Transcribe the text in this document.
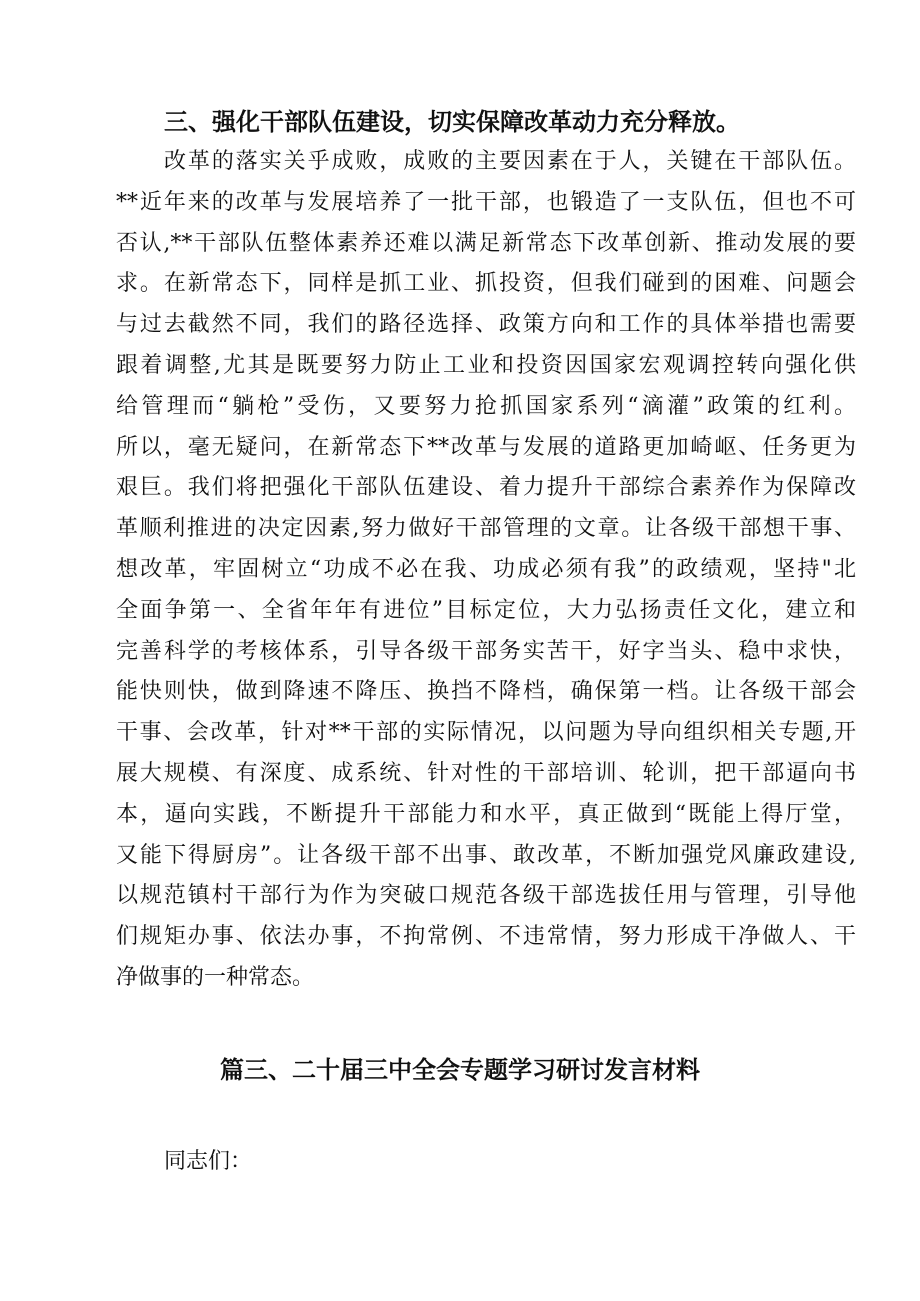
三、强化干部队伍建设，切实保障改革动力充分释放。
改革的落实关乎成败，成败的主要因素在于人，关键在干部队伍。
**近年来的改革与发展培养了一批干部，也锻造了一支队伍，但也不可
否认,**干部队伍整体素养还难以满足新常态下改革创新、推动发展的要
求。在新常态下，同样是抓工业、抓投资，但我们碰到的困难、问题会
与过去截然不同，我们的路径选择、政策方向和工作的具体举措也需要
跟着调整,尤其是既要努力防止工业和投资因国家宏观调控转向强化供
给管理而“躺枪”受伤，又要努力抢抓国家系列“滴灌”政策的红利。
所以，毫无疑问，在新常态下**改革与发展的道路更加崎岖、任务更为
艰巨。我们将把强化干部队伍建设、着力提升干部综合素养作为保障改
革顺利推进的决定因素,努力做好干部管理的文章。让各级干部想干事、
想改革，牢固树立“功成不必在我、功成必须有我”的政绩观，坚持"北
全面争第一、全省年年有进位”目标定位，大力弘扬责任文化，建立和
完善科学的考核体系，引导各级干部务实苦干，好字当头、稳中求快，
能快则快，做到降速不降压、换挡不降档，确保第一档。让各级干部会
干事、会改革，针对**干部的实际情况，以问题为导向组织相关专题,开
展大规模、有深度、成系统、针对性的干部培训、轮训，把干部逼向书
本，逼向实践，不断提升干部能力和水平，真正做到“既能上得厅堂，
又能下得厨房”。让各级干部不出事、敢改革，不断加强党风廉政建设,
以规范镇村干部行为作为突破口规范各级干部选拔任用与管理，引导他
们规矩办事、依法办事，不拘常例、不违常情，努力形成干净做人、干
净做事的一种常态。
篇三、二十届三中全会专题学习研讨发言材料
同志们：
